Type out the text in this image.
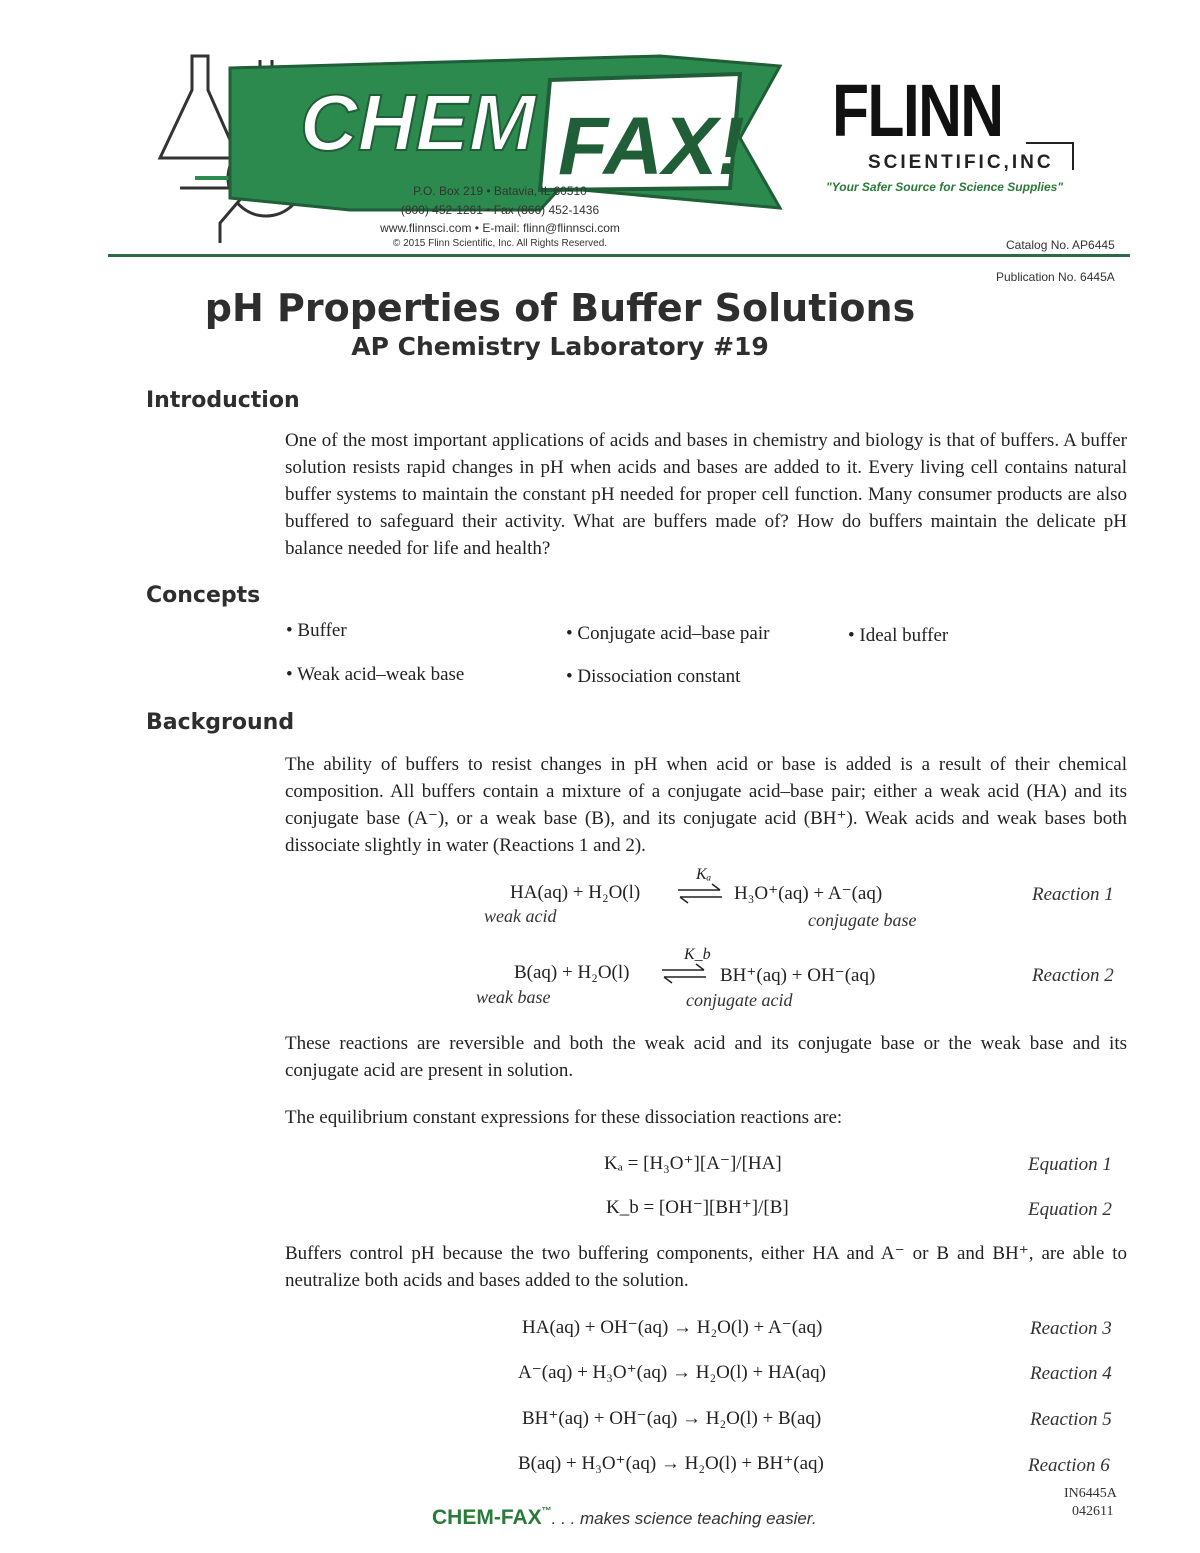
CHEM FAX!
P.O. Box 219 • Batavia, IL 60510
(800) 452-1261 • Fax (866) 452-1436
www.flinnsci.com • E-mail: flinn@flinnsci.com
© 2015 Flinn Scientific, Inc. All Rights Reserved.
FLINN
SCIENTIFIC,INC
"Your Safer Source for Science Supplies"
Catalog No. AP6445
Publication No. 6445A
pH Properties of Buffer Solutions
AP Chemistry Laboratory #19
Introduction
One of the most important applications of acids and bases in chemistry and biology is that of buffers. A buffer solution resists rapid changes in pH when acids and bases are added to it. Every living cell contains natural buffer systems to maintain the constant pH needed for proper cell function. Many consumer products are also buffered to safeguard their activity. What are buffers made of? How do buffers maintain the delicate pH balance needed for life and health?
Concepts
• Buffer	• Conjugate acid–base pair	• Ideal buffer
• Weak acid–weak base	• Dissociation constant
Background
The ability of buffers to resist changes in pH when acid or base is added is a result of their chemical composition. All buffers contain a mixture of a conjugate acid–base pair; either a weak acid (HA) and its conjugate base (A⁻), or a weak base (B), and its conjugate acid (BH⁺). Weak acids and weak bases both dissociate slightly in water (Reactions 1 and 2).
HA(aq) + H₂O(l)
Kₐ
H₃O⁺(aq) + A⁻(aq)	Reaction 1
weak acid	conjugate base
B(aq) + H₂O(l)
K_b
BH⁺(aq) + OH⁻(aq)	Reaction 2
weak base	conjugate acid
These reactions are reversible and both the weak acid and its conjugate base or the weak base and its conjugate acid are present in solution.
The equilibrium constant expressions for these dissociation reactions are:
Kₐ = [H₃O⁺][A⁻]/[HA]	Equation 1
K_b = [OH⁻][BH⁺]/[B]	Equation 2
Buffers control pH because the two buffering components, either HA and A⁻ or B and BH⁺, are able to neutralize both acids and bases added to the solution.
HA(aq) + OH⁻(aq) → H₂O(l) + A⁻(aq)	Reaction 3
A⁻(aq) + H₃O⁺(aq) → H₂O(l) + HA(aq)	Reaction 4
BH⁺(aq) + OH⁻(aq) → H₂O(l) + B(aq)	Reaction 5
B(aq) + H₃O⁺(aq) → H₂O(l) + BH⁺(aq)	Reaction 6
CHEM-FAX™. . . makes science teaching easier.
IN6445A
042611
